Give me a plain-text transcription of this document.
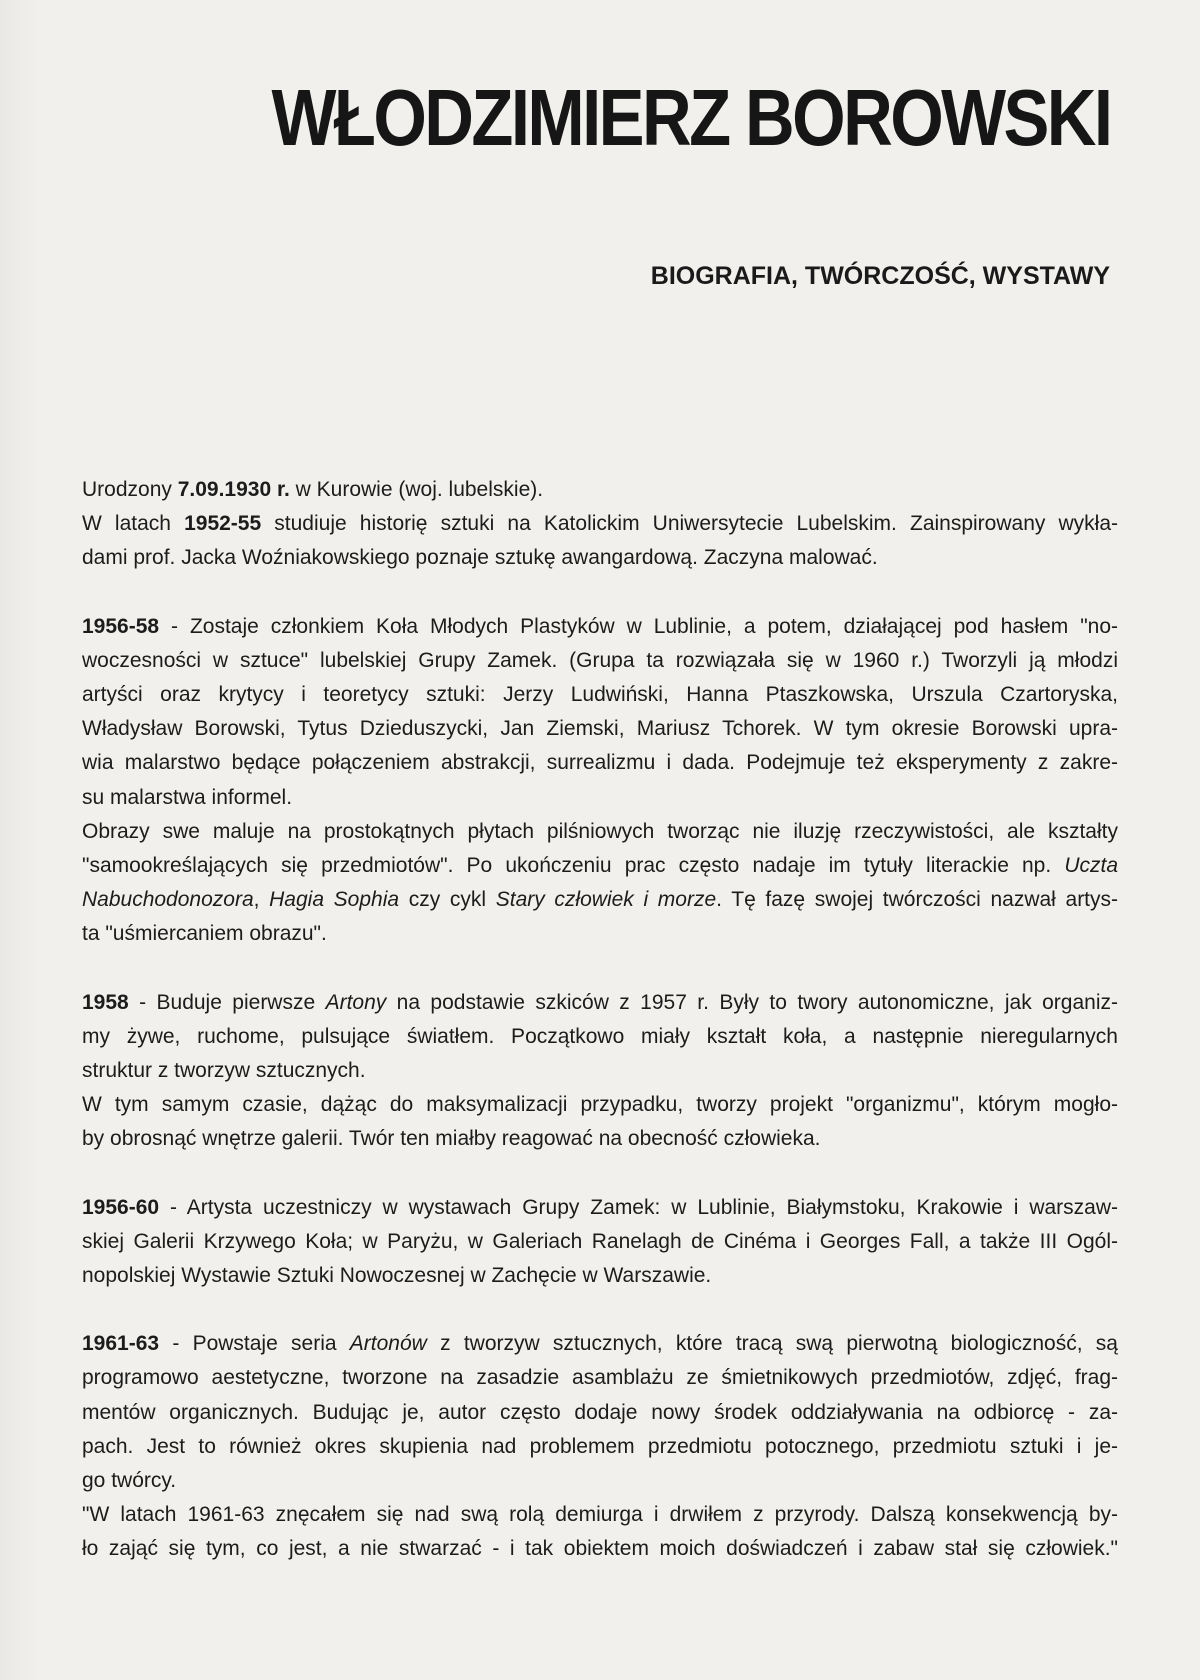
WŁODZIMIERZ BOROWSKI
BIOGRAFIA, TWÓRCZOŚĆ, WYSTAWY
Urodzony 7.09.1930 r. w Kurowie (woj. lubelskie).
W latach 1952-55 studiuje historię sztuki na Katolickim Uniwersytecie Lubelskim. Zainspirowany wykła-
dami prof. Jacka Woźniakowskiego poznaje sztukę awangardową. Zaczyna malować.
1956-58 - Zostaje członkiem Koła Młodych Plastyków w Lublinie, a potem, działającej pod hasłem "no-
woczesności w sztuce" lubelskiej Grupy Zamek. (Grupa ta rozwiązała się w 1960 r.) Tworzyli ją młodzi
artyści oraz krytycy i teoretycy sztuki: Jerzy Ludwiński, Hanna Ptaszkowska, Urszula Czartoryska,
Władysław Borowski, Tytus Dzieduszycki, Jan Ziemski, Mariusz Tchorek. W tym okresie Borowski upra-
wia malarstwo będące połączeniem abstrakcji, surrealizmu i dada. Podejmuje też eksperymenty z zakre-
su malarstwa informel.
Obrazy swe maluje na prostokątnych płytach pilśniowych tworząc nie iluzję rzeczywistości, ale kształty
"samookreślających się przedmiotów". Po ukończeniu prac często nadaje im tytuły literackie np. Uczta
Nabuchodonozora, Hagia Sophia czy cykl Stary człowiek i morze. Tę fazę swojej twórczości nazwał artys-
ta "uśmiercaniem obrazu".
1958 - Buduje pierwsze Artony na podstawie szkiców z 1957 r. Były to twory autonomiczne, jak organiz-
my żywe, ruchome, pulsujące światłem. Początkowo miały kształt koła, a następnie nieregularnych
struktur z tworzyw sztucznych.
W tym samym czasie, dążąc do maksymalizacji przypadku, tworzy projekt "organizmu", którym mogło-
by obrosnąć wnętrze galerii. Twór ten miałby reagować na obecność człowieka.
1956-60 - Artysta uczestniczy w wystawach Grupy Zamek: w Lublinie, Białymstoku, Krakowie i warszaw-
skiej Galerii Krzywego Koła; w Paryżu, w Galeriach Ranelagh de Cinéma i Georges Fall, a także III Ogól-
nopolskiej Wystawie Sztuki Nowoczesnej w Zachęcie w Warszawie.
1961-63 - Powstaje seria Artonów z tworzyw sztucznych, które tracą swą pierwotną biologiczność, są
programowo aestetyczne, tworzone na zasadzie asamblażu ze śmietnikowych przedmiotów, zdjęć, frag-
mentów organicznych. Budując je, autor często dodaje nowy środek oddziaływania na odbiorcę - za-
pach. Jest to również okres skupienia nad problemem przedmiotu potocznego, przedmiotu sztuki i je-
go twórcy.
"W latach 1961-63 znęcałem się nad swą rolą demiurga i drwiłem z przyrody. Dalszą konsekwencją by-
ło zająć się tym, co jest, a nie stwarzać - i tak obiektem moich doświadczeń i zabaw stał się człowiek."
